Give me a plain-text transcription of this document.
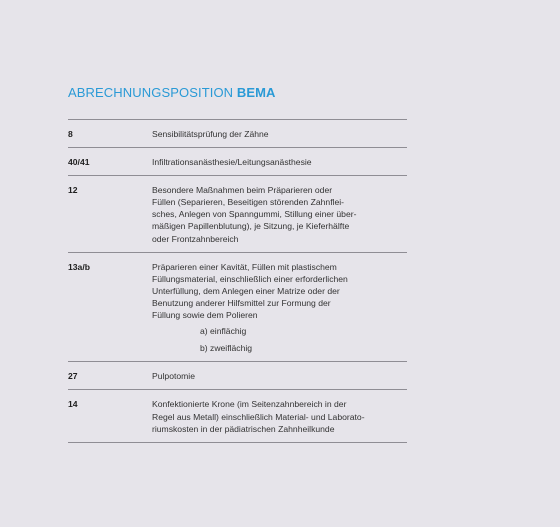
ABRECHNUNGSPOSITION BEMA
8	Sensibilitätsprüfung der Zähne
40/41	Infiltrationsanästhesie/Leitungsanästhesie
12	Besondere Maßnahmen beim Präparieren oder
Füllen (Separieren, Beseitigen störenden Zahnflei-
sches, Anlegen von Spanngummi, Stillung einer über-
mäßigen Papillenblutung), je Sitzung, je Kieferhälfte
oder Frontzahnbereich
13a/b	Präparieren einer Kavität, Füllen mit plastischem
Füllungsmaterial, einschließlich einer erforderlichen
Unterfüllung, dem Anlegen einer Matrize oder der
Benutzung anderer Hilfsmittel zur Formung der
Füllung sowie dem Polieren
a) einflächig
b) zweiflächig
27	Pulpotomie
14	Konfektionierte Krone (im Seitenzahnbereich in der
Regel aus Metall) einschließlich Material- und Laborato-
riumskosten in der pädiatrischen Zahnheilkunde
